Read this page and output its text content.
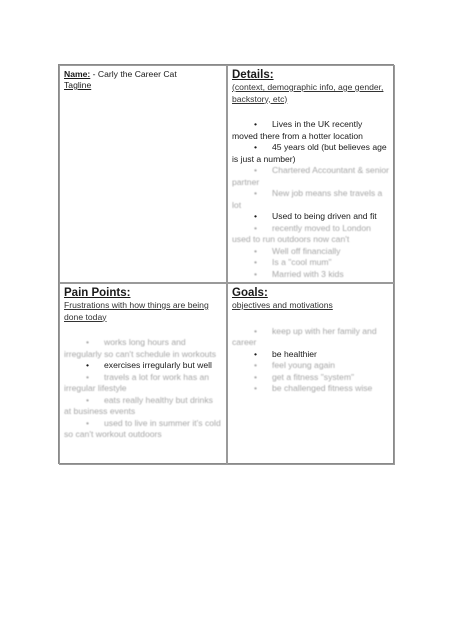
Name: - Carly the Career Cat
Tagline
Details:
(context, demographic info, age gender, backstory, etc)
• Lives in the UK recently moved there from a hotter location
• 45 years old (but believes age is just a number)
• Chartered Accountant & senior partner
• New job means she travels a lot
• Used to being driven and fit
• recently moved to London used to run outdoors now can't
• Well off financially
• Is a "cool mum"
• Married with 3 kids
Pain Points:
Frustrations with how things are being done today
• works long hours and irregularly so can't schedule in workouts
• exercises irregularly but well
• travels a lot for work has an irregular lifestyle
• eats really healthy but drinks at business events
• used to live in summer it's cold so can't workout outdoors
Goals:
objectives and motivations
• keep up with her family and career
• be healthier
• feel young again
• get a fitness "system"
• be challenged fitness wise
